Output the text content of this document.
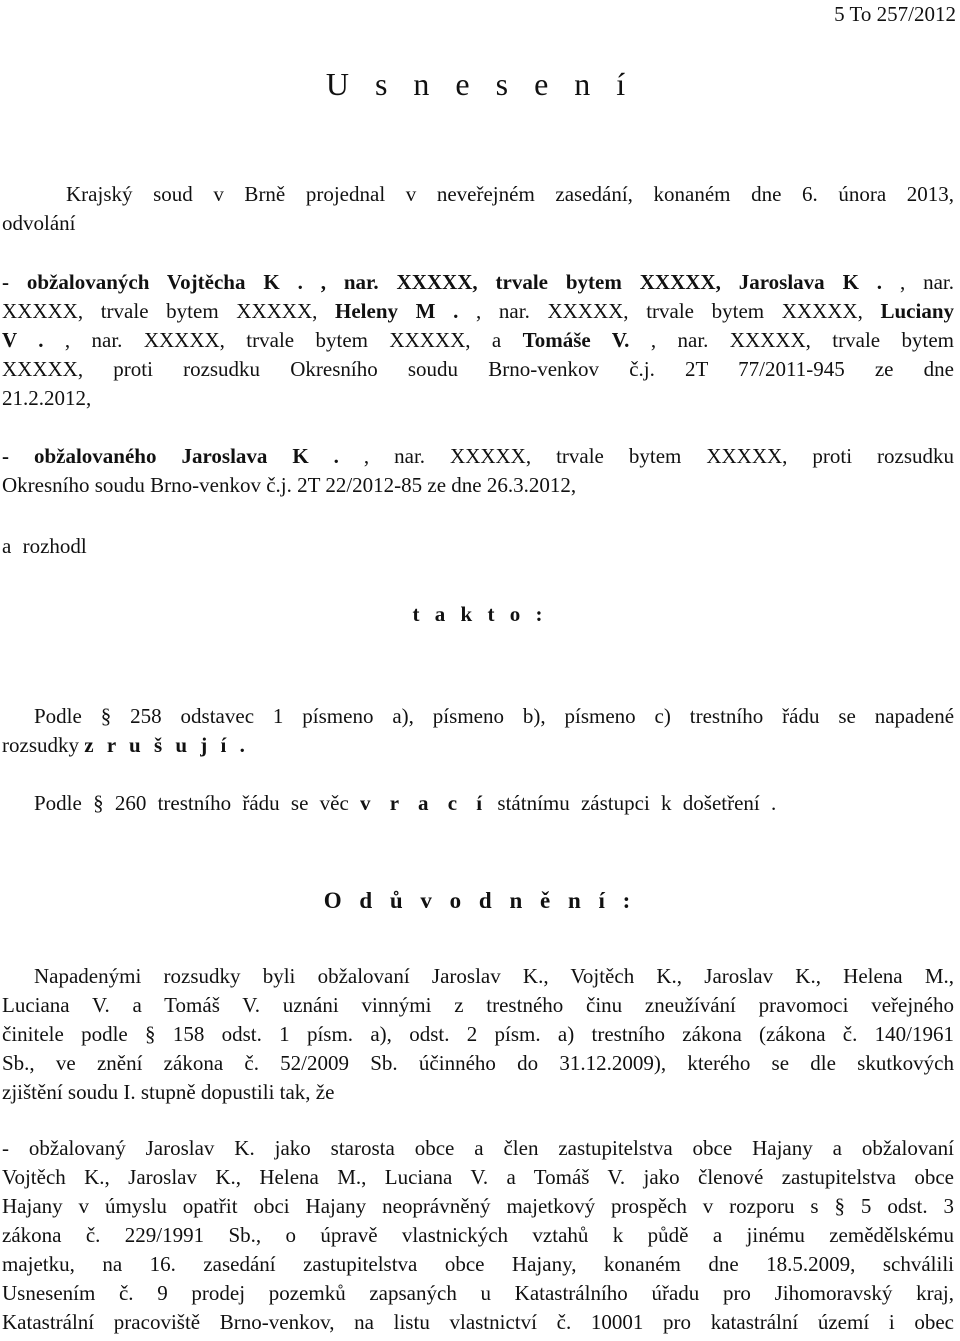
5 To 257/2012
U s n e s e n í
Krajský soud v Brně projednal v neveřejném zasedání, konaném dne 6. února 2013,
odvolání
- obžalovaných Vojtěcha K . , nar. XXXXX, trvale bytem XXXXX, Jaroslava K . , nar.
XXXXX, trvale bytem XXXXX, Heleny M . , nar. XXXXX, trvale bytem XXXXX, Luciany
V . , nar. XXXXX, trvale bytem XXXXX, a Tomáše V. , nar. XXXXX, trvale bytem
XXXXX, proti rozsudku Okresního soudu Brno-venkov č.j. 2T 77/2011-945 ze dne
21.2.2012,
- obžalovaného Jaroslava K . , nar. XXXXX, trvale bytem XXXXX, proti rozsudku
Okresního soudu Brno-venkov č.j. 2T 22/2012-85 ze dne 26.3.2012,
a rozhodl
t a k t o :
Podle § 258 odstavec 1 písmeno a), písmeno b), písmeno c) trestního řádu se napadené
rozsudky z r u š u j í .
Podle § 260 trestního řádu se věc v r a c í státnímu zástupci k došetření .
O d ů v o d n ě n í :
Napadenými rozsudky byli obžalovaní Jaroslav K., Vojtěch K., Jaroslav K., Helena M.,
Luciana V. a Tomáš V. uznáni vinnými z trestného činu zneužívání pravomoci veřejného
činitele podle § 158 odst. 1 písm. a), odst. 2 písm. a) trestního zákona (zákona č. 140/1961
Sb., ve znění zákona č. 52/2009 Sb. účinného do 31.12.2009), kterého se dle skutkových
zjištění soudu I. stupně dopustili tak, že
- obžalovaný Jaroslav K. jako starosta obce a člen zastupitelstva obce Hajany a obžalovaní
Vojtěch K., Jaroslav K., Helena M., Luciana V. a Tomáš V. jako členové zastupitelstva obce
Hajany v úmyslu opatřit obci Hajany neoprávněný majetkový prospěch v rozporu s § 5 odst. 3
zákona č. 229/1991 Sb., o úpravě vlastnických vztahů k půdě a jinému zemědělskému
majetku, na 16. zasedání zastupitelstva obce Hajany, konaném dne 18.5.2009, schválili
Usnesením č. 9 prodej pozemků zapsaných u Katastrálního úřadu pro Jihomoravský kraj,
Katastrální pracoviště Brno-venkov, na listu vlastnictví č. 10001 pro katastrální území i obec
